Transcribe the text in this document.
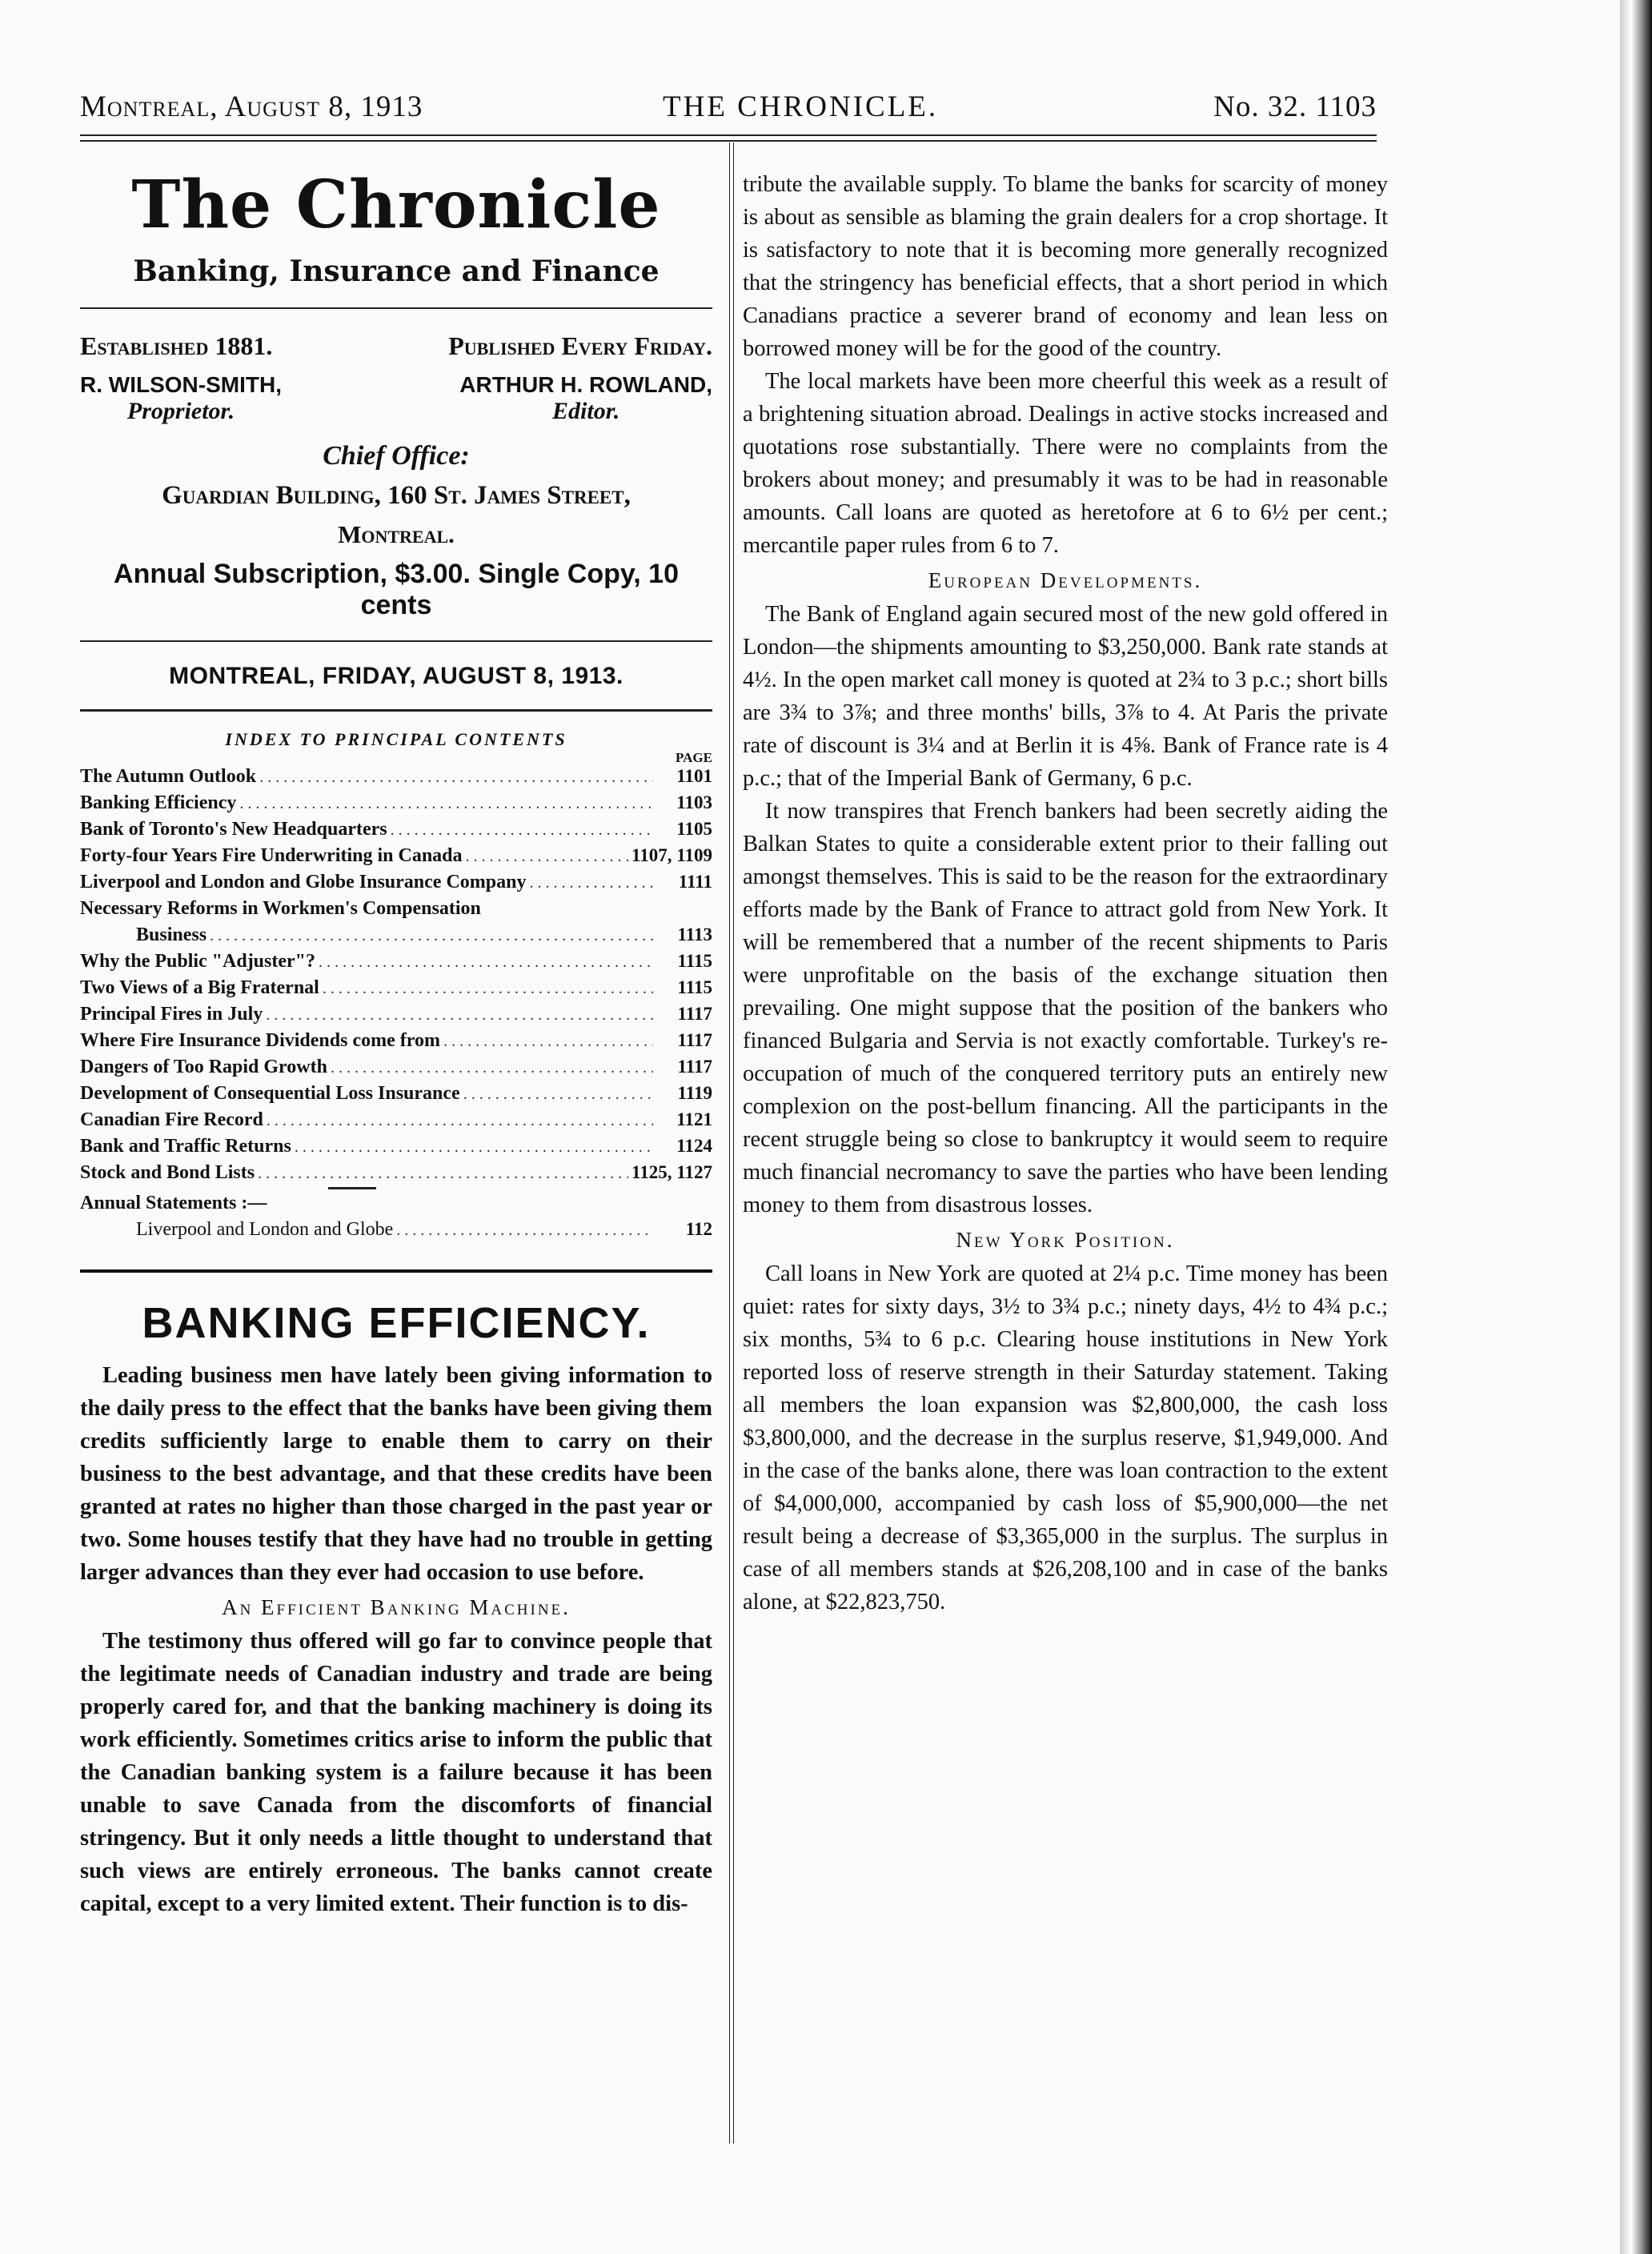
Montreal, August 8, 1913	THE CHRONICLE.	No. 32. 1103
The Chronicle
Banking, Insurance and Finance
Established 1881.	Published Every Friday.
R. WILSON-SMITH,
Proprietor.
ARTHUR H. ROWLAND,
Editor.
Chief Office:
Guardian Building, 160 St. James Street,
Montreal.
Annual Subscription, $3.00. Single Copy, 10 cents
MONTREAL, FRIDAY, AUGUST 8, 1913.
INDEX TO PRINCIPAL CONTENTS
PAGE
The Autumn Outlook . . .	1101
Banking Efficiency . . .	1103
Bank of Toronto's New Headquarters . . .	1105
Forty-four Years Fire Underwriting in Canada . . .	1107, 1109
Liverpool and London and Globe Insurance Company . . .	1111
Necessary Reforms in Workmen's Compensation
Business . . .	1113
Why the Public "Adjuster"? . . .	1115
Two Views of a Big Fraternal . . .	1115
Principal Fires in July . . .	1117
Where Fire Insurance Dividends come from . . .	1117
Dangers of Too Rapid Growth . . .	1117
Development of Consequential Loss Insurance . . .	1119
Canadian Fire Record . . .	1121
Bank and Traffic Returns . . .	1124
Stock and Bond Lists . . .	1125, 1127
Annual Statements :—
Liverpool and London and Globe . . .	112
BANKING EFFICIENCY.

Leading business men have lately been giving information to the daily press to the effect that the banks have been giving them credits sufficiently large to enable them to carry on their business to the best advantage, and that these credits have been granted at rates no higher than those charged in the past year or two. Some houses testify that they have had no trouble in getting larger advances than they ever had occasion to use before.

An Efficient Banking Machine.

The testimony thus offered will go far to convince people that the legitimate needs of Canadian industry and trade are being properly cared for, and that the banking machinery is doing its work efficiently. Sometimes critics arise to inform the public that the Canadian banking system is a failure because it has been unable to save Canada from the discomforts of financial stringency. But it only needs a little thought to understand that such views are entirely erroneous. The banks cannot create capital, except to a very limited extent. Their function is to dis-

tribute the available supply. To blame the banks for scarcity of money is about as sensible as blaming the grain dealers for a crop shortage. It is satisfactory to note that it is becoming more generally recognized that the stringency has beneficial effects, that a short period in which Canadians practice a severer brand of economy and lean less on borrowed money will be for the good of the country.

The local markets have been more cheerful this week as a result of a brightening situation abroad. Dealings in active stocks increased and quotations rose substantially. There were no complaints from the brokers about money; and presumably it was to be had in reasonable amounts. Call loans are quoted as heretofore at 6 to 6½ per cent.; mercantile paper rules from 6 to 7.

European Developments.

The Bank of England again secured most of the new gold offered in London—the shipments amounting to $3,250,000. Bank rate stands at 4½. In the open market call money is quoted at 2¾ to 3 p.c.; short bills are 3¾ to 3⅞; and three months' bills, 3⅞ to 4. At Paris the private rate of discount is 3¼ and at Berlin it is 4⅝. Bank of France rate is 4 p.c.; that of the Imperial Bank of Germany, 6 p.c.

It now transpires that French bankers had been secretly aiding the Balkan States to quite a considerable extent prior to their falling out amongst themselves. This is said to be the reason for the extraordinary efforts made by the Bank of France to attract gold from New York. It will be remembered that a number of the recent shipments to Paris were unprofitable on the basis of the exchange situation then prevailing. One might suppose that the position of the bankers who financed Bulgaria and Servia is not exactly comfortable. Turkey's re-occupation of much of the conquered territory puts an entirely new complexion on the post-bellum financing. All the participants in the recent struggle being so close to bankruptcy it would seem to require much financial necromancy to save the parties who have been lending money to them from disastrous losses.

New York Position.

Call loans in New York are quoted at 2¼ p.c. Time money has been quiet: rates for sixty days, 3½ to 3¾ p.c.; ninety days, 4½ to 4¾ p.c.; six months, 5¾ to 6 p.c. Clearing house institutions in New York reported loss of reserve strength in their Saturday statement. Taking all members the loan expansion was $2,800,000, the cash loss $3,800,000, and the decrease in the surplus reserve, $1,949,000. And in the case of the banks alone, there was loan contraction to the extent of $4,000,000, accompanied by cash loss of $5,900,000—the net result being a decrease of $3,365,000 in the surplus. The surplus in case of all members stands at $26,208,100 and in case of the banks alone, at $22,823,750.
